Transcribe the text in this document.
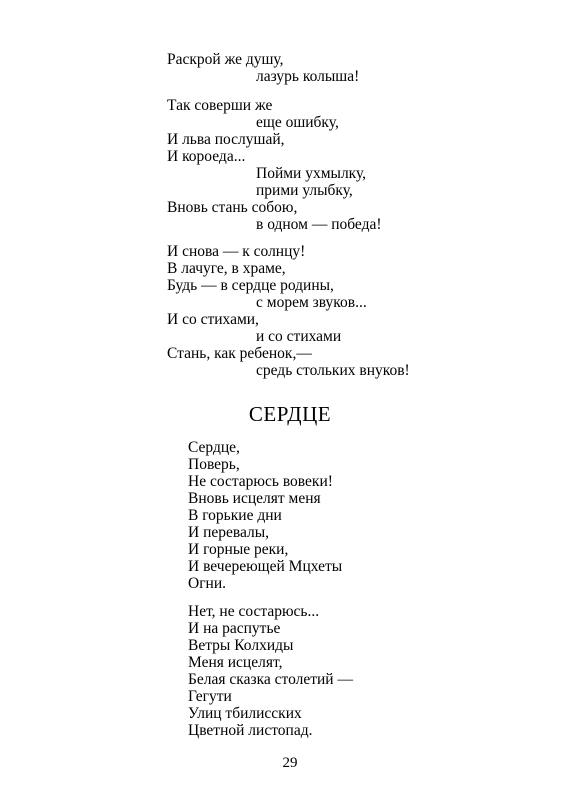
Раскрой же душу,
лазурь колыша!
Так соверши же
еще ошибку,
И льва послушай,
И короеда...
Пойми ухмылку,
прими улыбку,
Вновь стань собою,
в одном — победа!
И снова — к солнцу!
В лачуге, в храме,
Будь — в сердце родины,
с морем звуков...
И со стихами,
и со стихами
Стань, как ребенок,—
средь стольких внуков!
СЕРДЦЕ
Сердце,
Поверь,
Не состарюсь вовеки!
Вновь исцелят меня
В горькие дни
И перевалы,
И горные реки,
И вечереющей Мцхеты
Огни.
Нет, не состарюсь...
И на распутье
Ветры Колхиды
Меня исцелят,
Белая сказка столетий —
Гегути
Улиц тбилисских
Цветной листопад.
29
